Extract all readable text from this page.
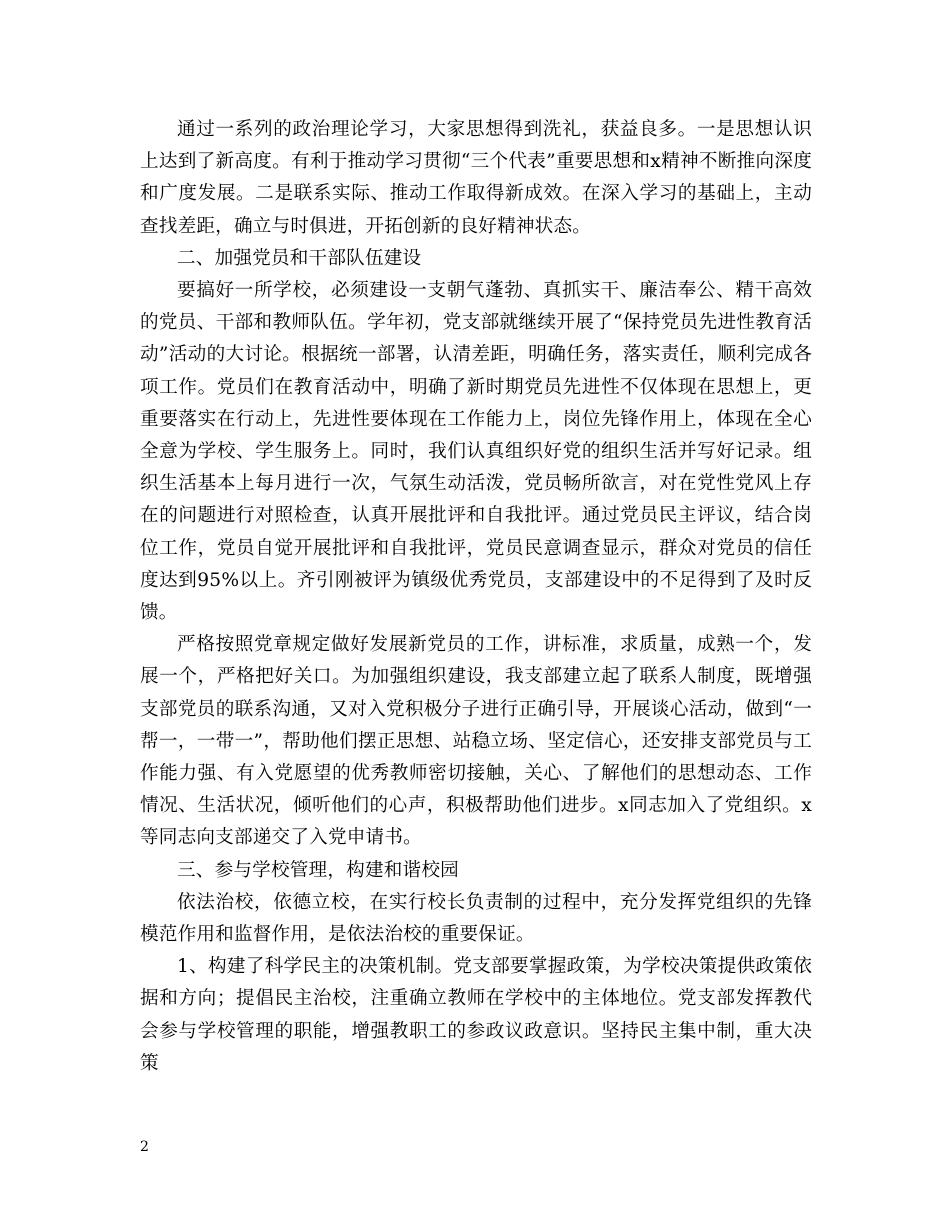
通过一系列的政治理论学习，大家思想得到洗礼，获益良多。一是思想认识上达到了新高度。有利于推动学习贯彻“三个代表”重要思想和x精神不断推向深度和广度发展。二是联系实际、推动工作取得新成效。在深入学习的基础上，主动查找差距，确立与时俱进，开拓创新的良好精神状态。

二、加强党员和干部队伍建设

要搞好一所学校，必须建设一支朝气蓬勃、真抓实干、廉洁奉公、精干高效的党员、干部和教师队伍。学年初，党支部就继续开展了“保持党员先进性教育活动”活动的大讨论。根据统一部署，认清差距，明确任务，落实责任，顺利完成各项工作。党员们在教育活动中，明确了新时期党员先进性不仅体现在思想上，更重要落实在行动上，先进性要体现在工作能力上，岗位先锋作用上，体现在全心全意为学校、学生服务上。同时，我们认真组织好党的组织生活并写好记录。组织生活基本上每月进行一次，气氛生动活泼，党员畅所欲言，对在党性党风上存在的问题进行对照检查，认真开展批评和自我批评。通过党员民主评议，结合岗位工作，党员自觉开展批评和自我批评，党员民意调查显示，群众对党员的信任度达到95%以上。齐引刚被评为镇级优秀党员，支部建设中的不足得到了及时反馈。

严格按照党章规定做好发展新党员的工作，讲标准，求质量，成熟一个，发展一个，严格把好关口。为加强组织建设，我支部建立起了联系人制度，既增强支部党员的联系沟通，又对入党积极分子进行正确引导，开展谈心活动，做到“一帮一，一带一”，帮助他们摆正思想、站稳立场、坚定信心，还安排支部党员与工作能力强、有入党愿望的优秀教师密切接触，关心、了解他们的思想动态、工作情况、生活状况，倾听他们的心声，积极帮助他们进步。x同志加入了党组织。x等同志向支部递交了入党申请书。

三、参与学校管理，构建和谐校园

依法治校，依德立校，在实行校长负责制的过程中，充分发挥党组织的先锋模范作用和监督作用，是依法治校的重要保证。

1、构建了科学民主的决策机制。党支部要掌握政策，为学校决策提供政策依据和方向；提倡民主治校，注重确立教师在学校中的主体地位。党支部发挥教代会参与学校管理的职能，增强教职工的参政议政意识。坚持民主集中制，重大决策

2
